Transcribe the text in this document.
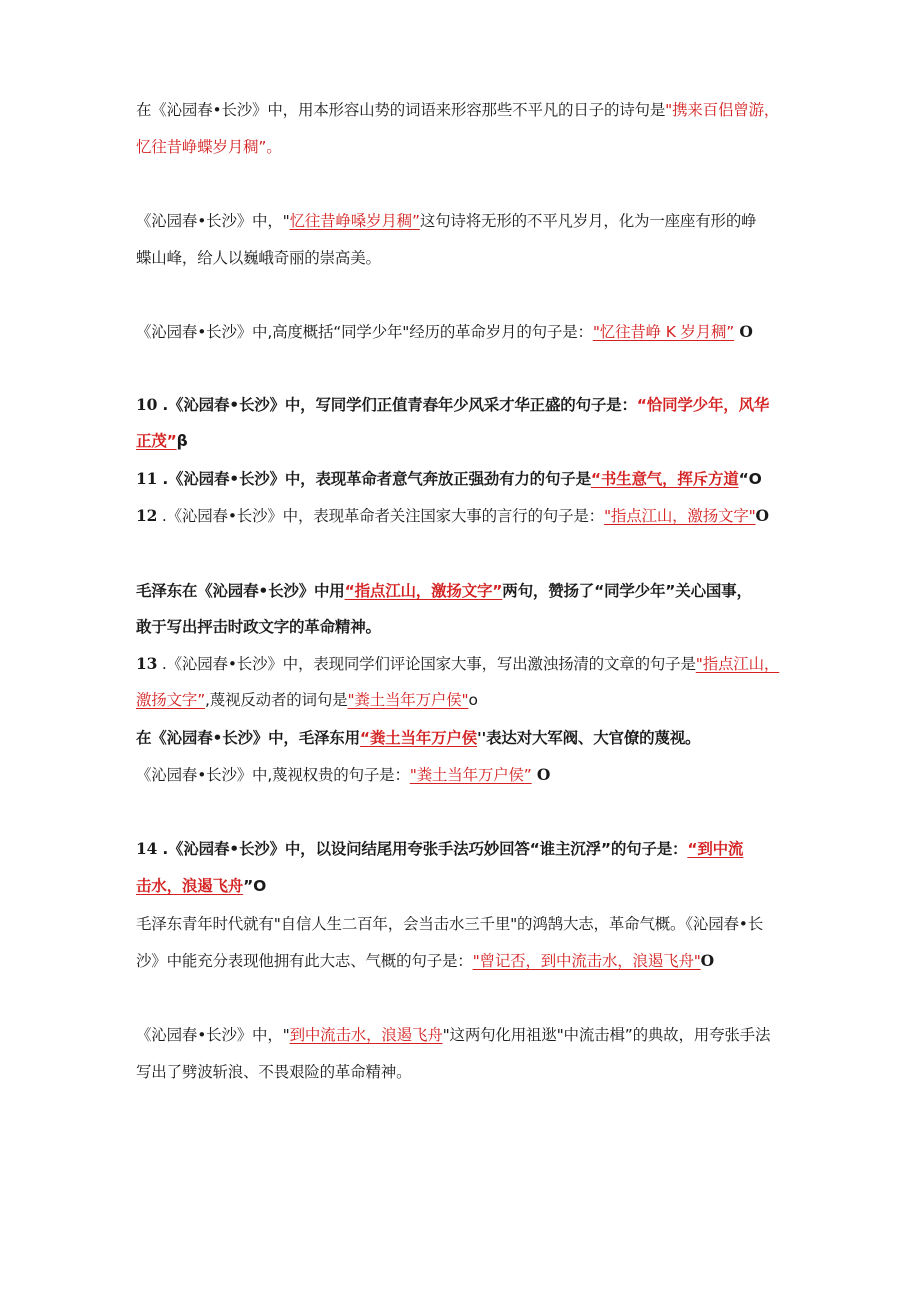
在《沁园春•长沙》中，用本形容山势的词语来形容那些不平凡的日子的诗句是"携来百侣曾游，

忆往昔峥蝶岁月稠”。

《沁园春•长沙》中，"忆往昔峥嗓岁月稠”这句诗将无形的不平凡岁月，化为一座座有形的峥

蝶山峰，给人以巍峨奇丽的崇高美。

《沁园春•长沙》中,高度概括“同学少年"经历的革命岁月的句子是："忆往昔峥 K 岁月稠” O

10 .《沁园春•长沙》中，写同学们正值青春年少风采才华正盛的句子是：“恰同学少年，风华

正茂”β

11 .《沁园春•长沙》中，表现革命者意气奔放正强劲有力的句子是“书生意气，挥斥方道“O

12 .《沁园春•长沙》中，表现革命者关注国家大事的言行的句子是："指点江山，激扬文字"O

毛泽东在《沁园春•长沙》中用“指点江山，激扬文字”两句，赞扬了“同学少年”关心国事，

敢于写出抨击时政文字的革命精神。

13 .《沁园春•长沙》中，表现同学们评论国家大事，写出激浊扬清的文章的句子是"指点江山，

激扬文字”,蔑视反动者的词句是"粪土当年万户侯"o

在《沁园春•长沙》中，毛泽东用“粪土当年万户侯''表达对大军阀、大官僚的蔑视。

《沁园春•长沙》中,蔑视权贵的句子是："粪土当年万户侯” O

14 .《沁园春•长沙》中，以设问结尾用夸张手法巧妙回答“谁主沉浮”的句子是：“到中流

击水，浪遏飞舟”O

毛泽东青年时代就有"自信人生二百年，会当击水三千里"的鸿鹄大志，革命气概。《沁园春•长

沙》中能充分表现他拥有此大志、气概的句子是："曾记否，到中流击水，浪遏飞舟"O

《沁园春•长沙》中，"到中流击水，浪遏飞舟"这两句化用祖逖"中流击楫”的典故，用夸张手法

写出了劈波斩浪、不畏艰险的革命精神。
